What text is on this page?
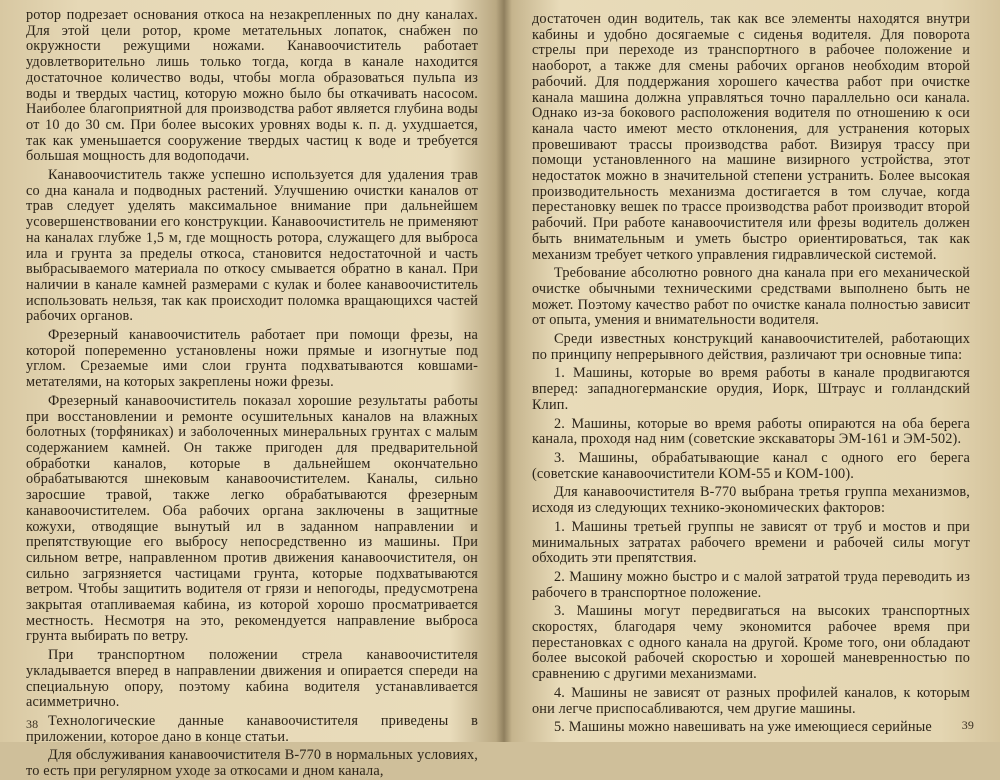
ротор подрезает основания откоса на незакрепленных по дну каналах. Для этой цели ротор, кроме метательных лопаток, снабжен по окружности режущими ножами. Канавоочиститель работает удовлетворительно лишь только тогда, когда в канале находится достаточное количество воды, чтобы могла образоваться пульпа из воды и твердых частиц, которую можно было бы откачивать насосом. Наиболее благоприятной для производства работ является глубина воды от 10 до 30 см. При более высоких уровнях воды к. п. д. ухудшается, так как уменьшается сооружение твердых частиц к воде и требуется большая мощность для водоподачи.

Канавоочиститель также успешно используется для удаления трав со дна канала и подводных растений. Улучшению очистки каналов от трав следует уделять максимальное внимание при дальнейшем усовершенствовании его конструкции. Канавоочиститель не применяют на каналах глубже 1,5 м, где мощность ротора, служащего для выброса ила и грунта за пределы откоса, становится недостаточной и часть выбрасываемого материала по откосу смывается обратно в канал. При наличии в канале камней размерами с кулак и более канавоочиститель использовать нельзя, так как происходит поломка вращающихся частей рабочих органов.

Фрезерный канавоочиститель работает при помощи фрезы, на которой попеременно установлены ножи прямые и изогнутые под углом. Срезаемые ими слои грунта подхватываются ковшами-метателями, на которых закреплены ножи фрезы.

Фрезерный канавоочиститель показал хорошие результаты работы при восстановлении и ремонте осушительных каналов на влажных болотных (торфяниках) и заболоченных минеральных грунтах с малым содержанием камней. Он также пригоден для предварительной обработки каналов, которые в дальнейшем окончательно обрабатываются шнековым канавоочистителем. Каналы, сильно заросшие травой, также легко обрабатываются фрезерным канавоочистителем. Оба рабочих органа заключены в защитные кожухи, отводящие вынутый ил в заданном направлении и препятствующие его выбросу непосредственно из машины. При сильном ветре, направленном против движения канавоочистителя, он сильно загрязняется частицами грунта, которые подхватываются ветром. Чтобы защитить водителя от грязи и непогоды, предусмотрена закрытая отапливаемая кабина, из которой хорошо просматривается местность. Несмотря на это, рекомендуется направление выброса грунта выбирать по ветру.

При транспортном положении стрела канавоочистителя укладывается вперед в направлении движения и опирается спереди на специальную опору, поэтому кабина водителя устанавливается асимметрично.

Технологические данные канавоочистителя приведены в приложении, которое дано в конце статьи.

Для обслуживания канавоочистителя В-770 в нормальных условиях, то есть при регулярном уходе за откосами и дном канала,

38

достаточен один водитель, так как все элементы находятся внутри кабины и удобно досягаемые с сиденья водителя. Для поворота стрелы при переходе из транспортного в рабочее положение и наоборот, а также для смены рабочих органов необходим второй рабочий. Для поддержания хорошего качества работ при очистке канала машина должна управляться точно параллельно оси канала. Однако из-за бокового расположения водителя по отношению к оси канала часто имеют место отклонения, для устранения которых провешивают трассы производства работ. Визируя трассу при помощи установленного на машине визирного устройства, этот недостаток можно в значительной степени устранить. Более высокая производительность механизма достигается в том случае, когда перестановку вешек по трассе производства работ производит второй рабочий. При работе канавоочистителя или фрезы водитель должен быть внимательным и уметь быстро ориентироваться, так как механизм требует четкого управления гидравлической системой.

Требование абсолютно ровного дна канала при его механической очистке обычными техническими средствами выполнено быть не может. Поэтому качество работ по очистке канала полностью зависит от опыта, умения и внимательности водителя.

Среди известных конструкций канавоочистителей, работающих по принципу непрерывного действия, различают три основные типа:

1. Машины, которые во время работы в канале продвигаются вперед: западногерманские орудия, Иорк, Штраус и голландский Клип.

2. Машины, которые во время работы опираются на оба берега канала, проходя над ним (советские экскаваторы ЭМ-161 и ЭМ-502).

3. Машины, обрабатывающие канал с одного его берега (советские канавоочистители КОМ-55 и КОМ-100).

Для канавоочистителя В-770 выбрана третья группа механизмов, исходя из следующих технико-экономических факторов:

1. Машины третьей группы не зависят от труб и мостов и при минимальных затратах рабочего времени и рабочей силы могут обходить эти препятствия.

2. Машину можно быстро и с малой затратой труда переводить из рабочего в транспортное положение.

3. Машины могут передвигаться на высоких транспортных скоростях, благодаря чему экономится рабочее время при перестановках с одного канала на другой. Кроме того, они обладают более высокой рабочей скоростью и хорошей маневренностью по сравнению с другими механизмами.

4. Машины не зависят от разных профилей каналов, к которым они легче приспосабливаются, чем другие машины.

5. Машины можно навешивать на уже имеющиеся серийные	39
